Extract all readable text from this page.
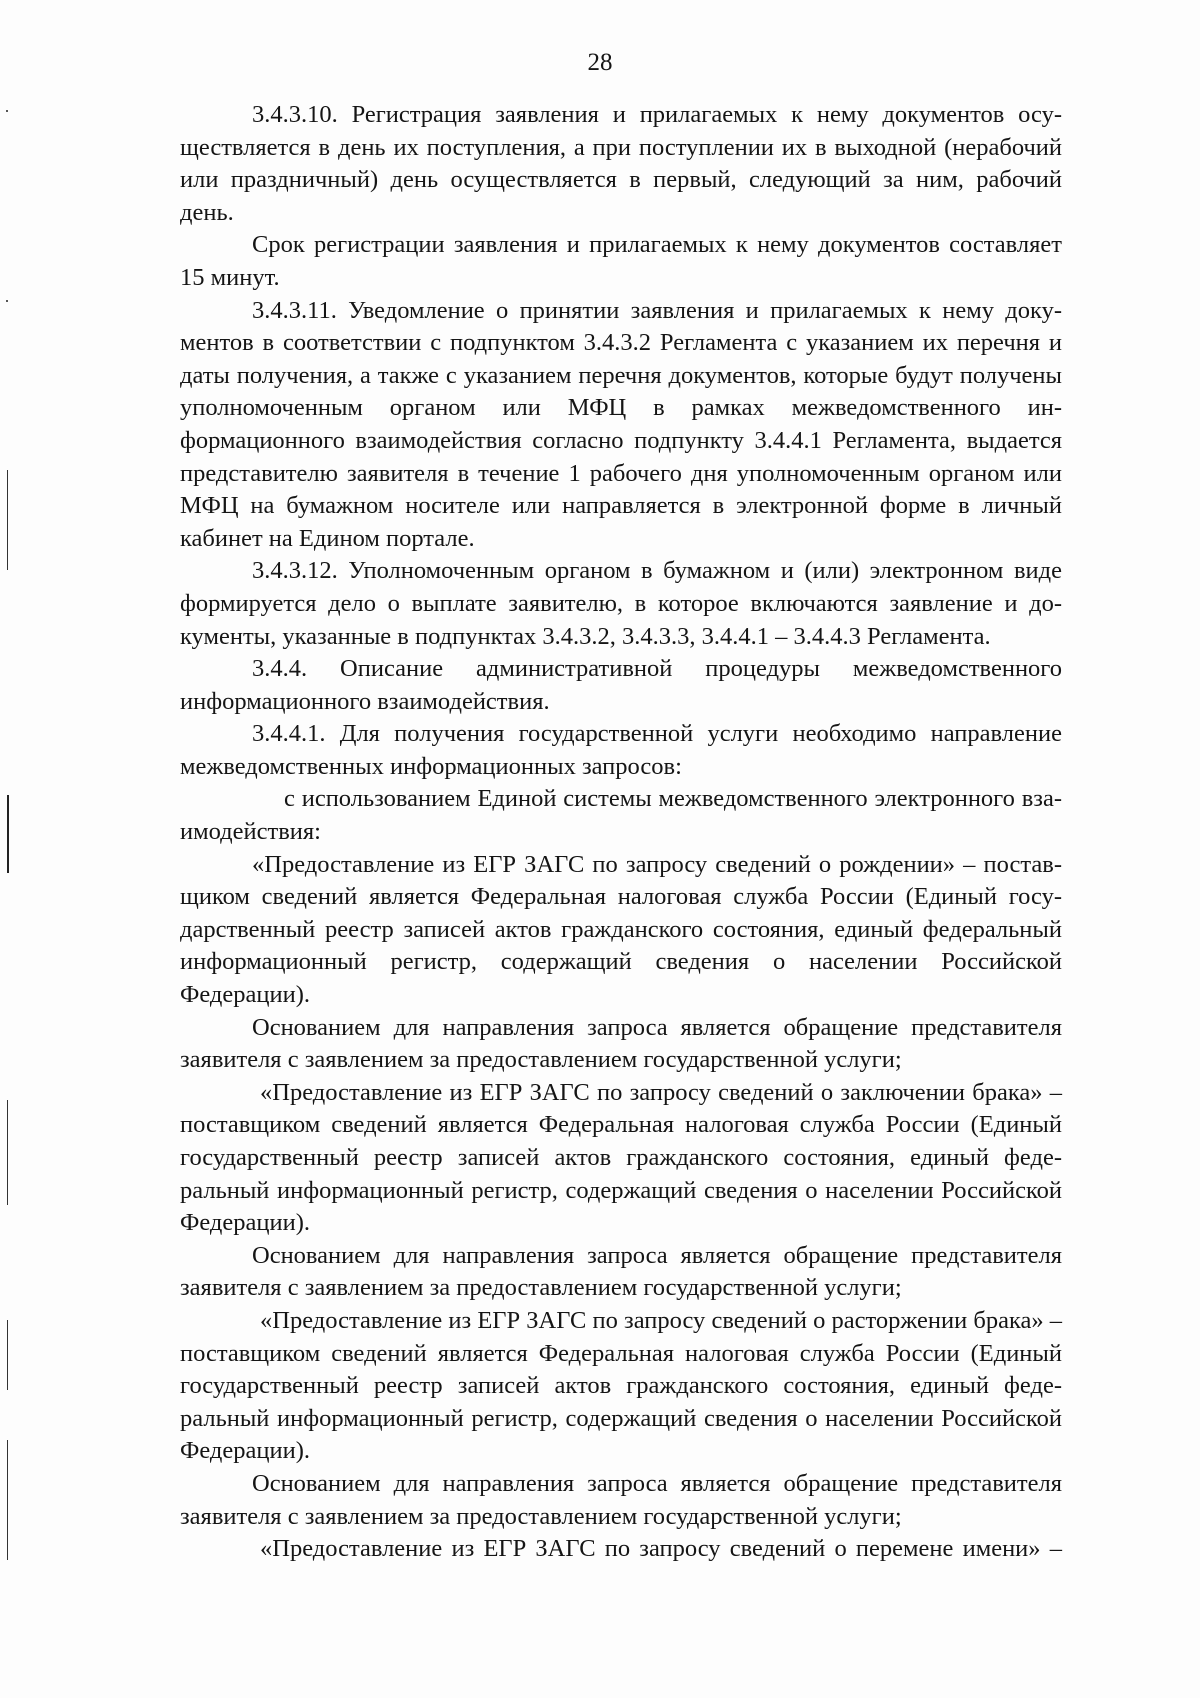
28

3.4.3.10. Регистрация заявления и прилагаемых к нему документов осуществляется в день их поступления, а при поступлении их в выходной (нерабочий или праздничный) день осуществляется в первый, следующий за ним, рабочий день.

Срок регистрации заявления и прилагаемых к нему документов составляет 15 минут.

3.4.3.11. Уведомление о принятии заявления и прилагаемых к нему документов в соответствии с подпунктом 3.4.3.2 Регламента с указанием их перечня и даты получения, а также с указанием перечня документов, которые будут получены уполномоченным органом или МФЦ в рамках межведомственного информационного взаимодействия согласно подпункту 3.4.4.1 Регламента, выдается представителю заявителя в течение 1 рабочего дня уполномоченным органом или МФЦ на бумажном носителе или направляется в электронной форме в личный кабинет на Едином портале.

3.4.3.12. Уполномоченным органом в бумажном и (или) электронном виде формируется дело о выплате заявителю, в которое включаются заявление и документы, указанные в подпунктах 3.4.3.2, 3.4.3.3, 3.4.4.1 – 3.4.4.3 Регламента.

3.4.4. Описание административной процедуры межведомственного информационного взаимодействия.

3.4.4.1. Для получения государственной услуги необходимо направление межведомственных информационных запросов:

с использованием Единой системы межведомственного электронного взаимодействия:

«Предоставление из ЕГР ЗАГС по запросу сведений о рождении» – поставщиком сведений является Федеральная налоговая служба России (Единый государственный реестр записей актов гражданского состояния, единый федеральный информационный регистр, содержащий сведения о населении Российской Федерации).

Основанием для направления запроса является обращение представителя заявителя с заявлением за предоставлением государственной услуги;

«Предоставление из ЕГР ЗАГС по запросу сведений о заключении брака» – поставщиком сведений является Федеральная налоговая служба России (Единый государственный реестр записей актов гражданского состояния, единый федеральный информационный регистр, содержащий сведения о населении Российской Федерации).

Основанием для направления запроса является обращение представителя заявителя с заявлением за предоставлением государственной услуги;

«Предоставление из ЕГР ЗАГС по запросу сведений о расторжении брака» – поставщиком сведений является Федеральная налоговая служба России (Единый государственный реестр записей актов гражданского состояния, единый федеральный информационный регистр, содержащий сведения о населении Российской Федерации).

Основанием для направления запроса является обращение представителя заявителя с заявлением за предоставлением государственной услуги;

«Предоставление из ЕГР ЗАГС по запросу сведений о перемене имени» –
